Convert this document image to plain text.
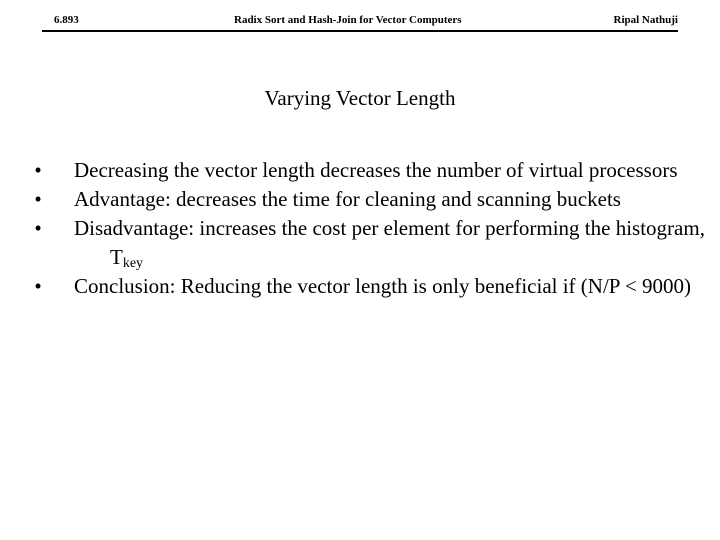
6.893	Radix Sort and Hash-Join for Vector Computers	Ripal Nathuji
Varying Vector Length
•	Decreasing the vector length decreases the number of virtual processors
•	Advantage: decreases the time for cleaning and scanning buckets
•	Disadvantage: increases the cost per element for performing the histogram, $T_{key}$
•	Conclusion: Reducing the vector length is only beneficial if (N/P < 9000)
